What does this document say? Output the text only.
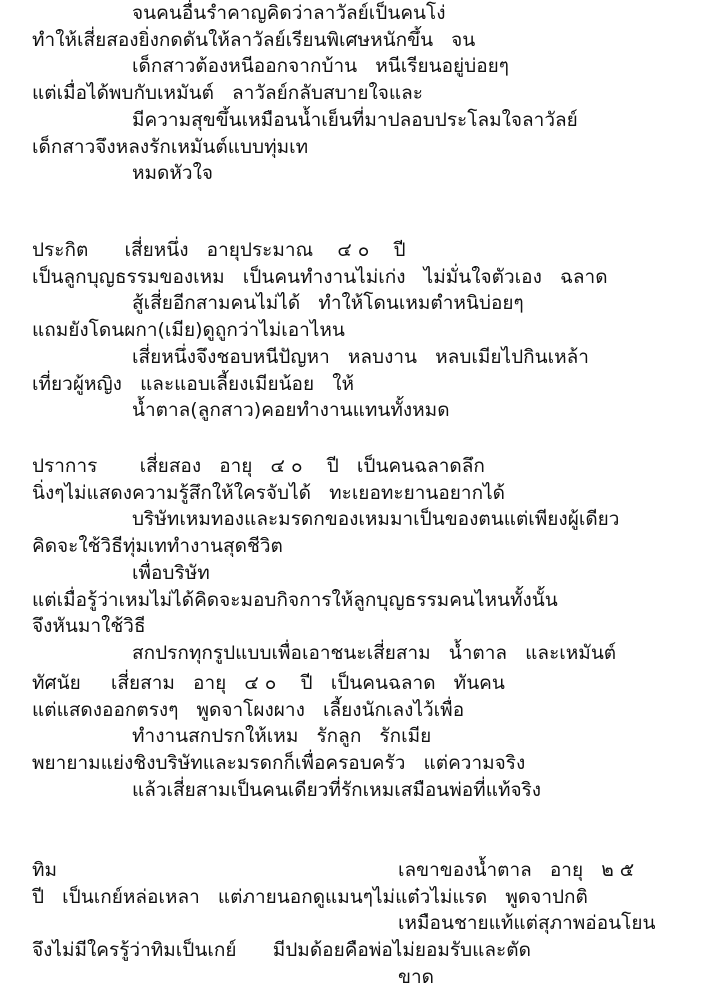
จนคนอื่นรำคาญคิดว่าลาวัลย์เป็นคนโง่
ทำให้เสี่ยสองยิ่งกดดันให้ลาวัลย์เรียนพิเศษหนักขึ้น   จน
เด็กสาวต้องหนีออกจากบ้าน   หนีเรียนอยู่บ่อยๆ
แต่เมื่อได้พบกับเหมันต์   ลาวัลย์กลับสบายใจและ
มีความสุขขึ้นเหมือนน้ำเย็นที่มาปลอบประโลมใจลาวัลย์
เด็กสาวจึงหลงรักเหมันต์แบบทุ่มเท
หมดหัวใจ
ประกิต      เสี่ยหนึ่ง   อายุประมาณ    ๔ ๐    ปี
เป็นลูกบุญธรรมของเหม   เป็นคนทำงานไม่เก่ง   ไม่มั่นใจตัวเอง   ฉลาด
สู้เสี่ยอีกสามคนไม่ได้   ทำให้โดนเหมตำหนิบ่อยๆ
แถมยังโดนผกา(เมีย)ดูถูกว่าไม่เอาไหน
เสี่ยหนึ่งจึงชอบหนีปัญหา   หลบงาน   หลบเมียไปกินเหล้า
เที่ยวผู้หญิง   และแอบเลี้ยงเมียน้อย   ให้
น้ำตาล(ลูกสาว)คอยทำงานแทนทั้งหมด
ปราการ       เสี่ยสอง   อายุ   ๔ ๐    ปี   เป็นคนฉลาดลึก
นิ่งๆไม่แสดงความรู้สึกให้ใครจับได้   ทะเยอทะยานอยากได้
บริษัทเหมทองและมรดกของเหมมาเป็นของตนแต่เพียงผู้เดียว
คิดจะใช้วิธีทุ่มเททำงานสุดชีวิต
เพื่อบริษัท
แต่เมื่อรู้ว่าเหมไม่ได้คิดจะมอบกิจการให้ลูกบุญธรรมคนไหนทั้งนั้น
จึงหันมาใช้วิธี
สกปรกทุกรูปแบบเพื่อเอาชนะเสี่ยสาม   น้ำตาล   และเหมันต์
ทัศนัย     เสี่ยสาม   อายุ   ๔ ๐    ปี   เป็นคนฉลาด   ทันคน
แต่แสดงออกตรงๆ   พูดจาโผงผาง   เลี้ยงนักเลงไว้เพื่อ
ทำงานสกปรกให้เหม   รักลูก   รักเมีย
พยายามแย่งชิงบริษัทและมรดกก็เพื่อครอบครัว   แต่ความจริง
แล้วเสี่ยสามเป็นคนเดียวที่รักเหมเสมือนพ่อที่แท้จริง
ทิม
ปี   เป็นเกย์หล่อเหลา   แต่ภายนอกดูแมนๆไม่แต๋วไม่แรด   พูดจาปกติ
เหมือนชายแท้แต่สุภาพอ่อนโยน
จึงไม่มีใครรู้ว่าทิมเป็นเกย์      มีปมด้อยคือพ่อไม่ยอมรับและตัด
ขาด
เลขาของน้ำตาล   อายุ   ๒ ๕
